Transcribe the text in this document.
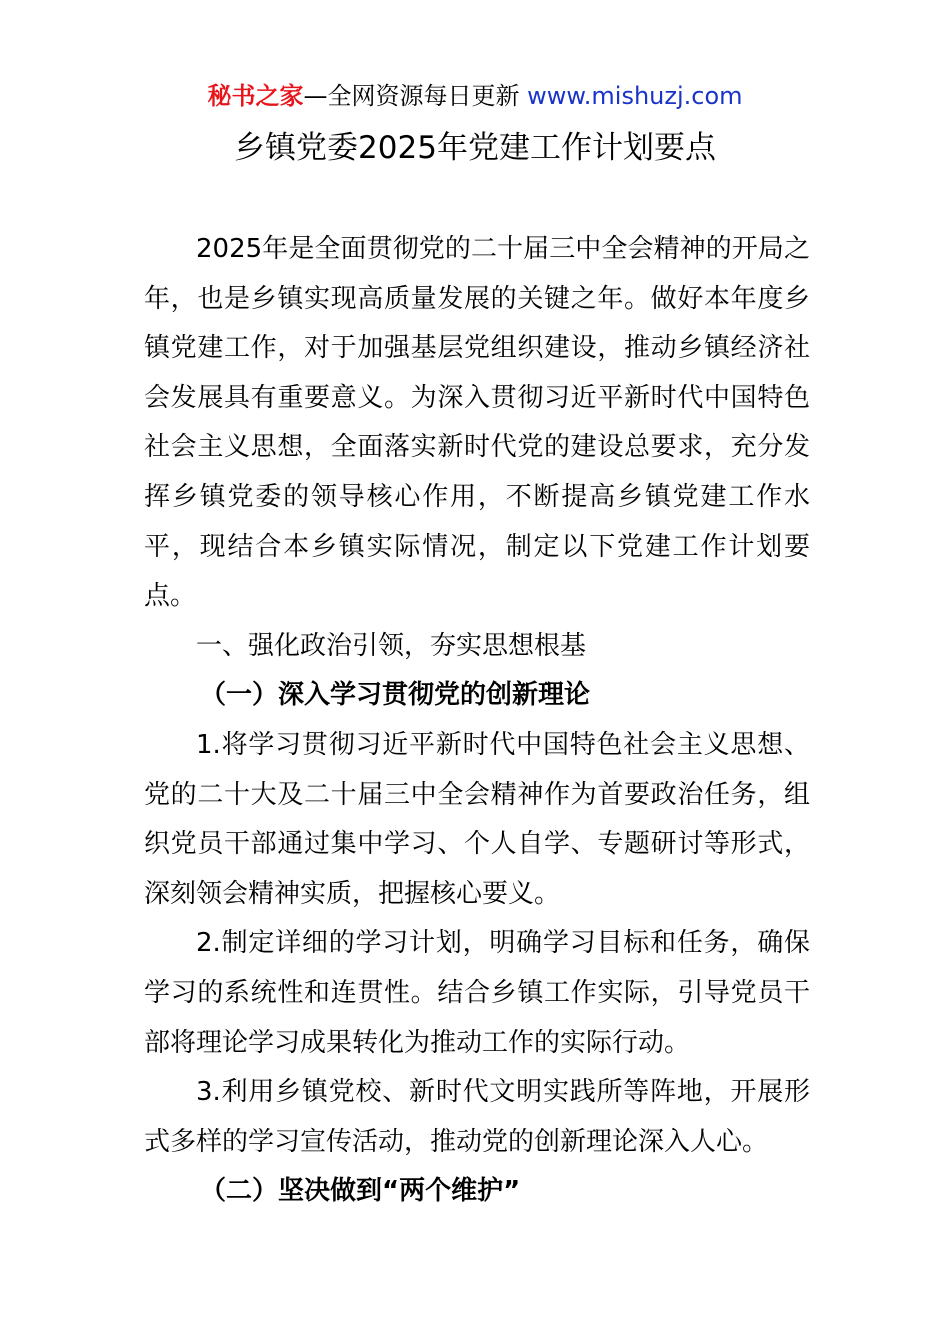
秘书之家—全网资源每日更新 www.mishuzj.com
乡镇党委2025年党建工作计划要点

2025年是全面贯彻党的二十届三中全会精神的开局之年，也是乡镇实现高质量发展的关键之年。做好本年度乡镇党建工作，对于加强基层党组织建设，推动乡镇经济社会发展具有重要意义。为深入贯彻习近平新时代中国特色社会主义思想，全面落实新时代党的建设总要求，充分发挥乡镇党委的领导核心作用，不断提高乡镇党建工作水平，现结合本乡镇实际情况，制定以下党建工作计划要点。

一、强化政治引领，夯实思想根基

（一）深入学习贯彻党的创新理论

1.将学习贯彻习近平新时代中国特色社会主义思想、党的二十大及二十届三中全会精神作为首要政治任务，组织党员干部通过集中学习、个人自学、专题研讨等形式，深刻领会精神实质，把握核心要义。

2.制定详细的学习计划，明确学习目标和任务，确保学习的系统性和连贯性。结合乡镇工作实际，引导党员干部将理论学习成果转化为推动工作的实际行动。

3.利用乡镇党校、新时代文明实践所等阵地，开展形式多样的学习宣传活动，推动党的创新理论深入人心。

（二）坚决做到“两个维护”
